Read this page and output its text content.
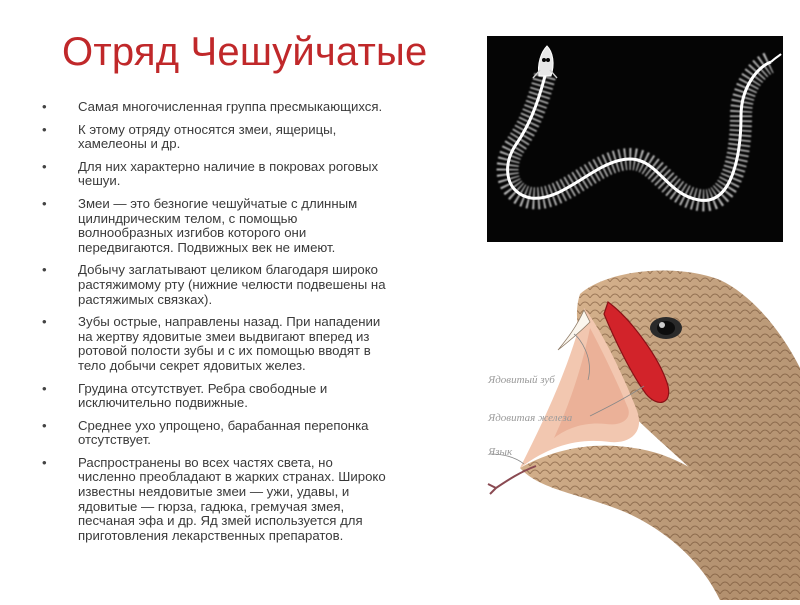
Отряд Чешуйчатые
• Самая многочисленная группа пресмыкающихся.
• К этому отряду относятся змеи, ящерицы,
хамелеоны и др.
• Для них характерно наличие в покровах роговых
чешуи.
• Змеи — это безногие чешуйчатые с длинным
цилиндрическим телом, с помощью
волнообразных изгибов которого они
передвигаются. Подвижных век не имеют.
• Добычу заглатывают целиком благодаря широко
растяжимому рту (нижние челюсти подвешены на
растяжимых связках).
• Зубы острые, направлены назад. При нападении
на жертву ядовитые змеи выдвигают вперед из
ротовой полости зубы и с их помощью вводят в
тело добычи секрет ядовитых желез.
• Грудина отсутствует. Ребра свободные и
исключительно подвижные.
• Среднее ухо упрощено, барабанная перепонка
отсутствует.
• Распространены во всех частях света, но
численно преобладают в жарких странах. Широко
известны неядовитые змеи — ужи, удавы, и
ядовитые — гюрза, гадюка, гремучая змея,
песчаная эфа и др. Яд змей используется для
приготовления лекарственных препаратов.
Ядовитый зуб
Ядовитая железа
Язык
